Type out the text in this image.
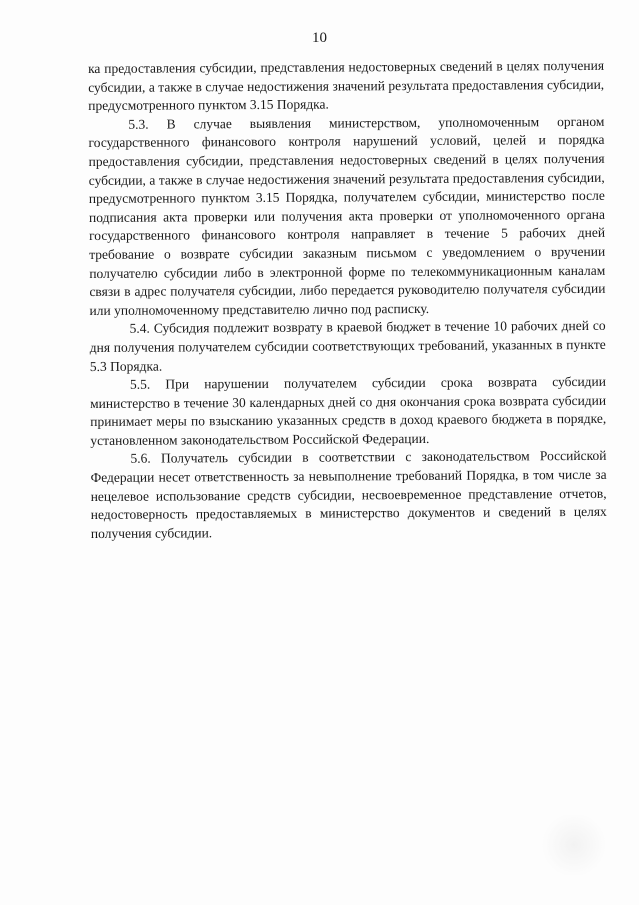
10

ка предоставления субсидии, представления недостоверных сведений в целях получения субсидии, а также в случае недостижения значений результата предоставления субсидии, предусмотренного пунктом 3.15 Порядка.

5.3. В случае выявления министерством, уполномоченным органом государственного финансового контроля нарушений условий, целей и порядка предоставления субсидии, представления недостоверных сведений в целях получения субсидии, а также в случае недостижения значений результата предоставления субсидии, предусмотренного пунктом 3.15 Порядка, получателем субсидии, министерство после подписания акта проверки или получения акта проверки от уполномоченного органа государственного финансового контроля направляет в течение 5 рабочих дней требование о возврате субсидии заказным письмом с уведомлением о вручении получателю субсидии либо в электронной форме по телекоммуникационным каналам связи в адрес получателя субсидии, либо передается руководителю получателя субсидии или уполномоченному представителю лично под расписку.

5.4. Субсидия подлежит возврату в краевой бюджет в течение 10 рабочих дней со дня получения получателем субсидии соответствующих требований, указанных в пункте 5.3 Порядка.

5.5. При нарушении получателем субсидии срока возврата субсидии министерство в течение 30 календарных дней со дня окончания срока возврата субсидии принимает меры по взысканию указанных средств в доход краевого бюджета в порядке, установленном законодательством Российской Федерации.

5.6. Получатель субсидии в соответствии с законодательством Российской Федерации несет ответственность за невыполнение требований Порядка, в том числе за нецелевое использование средств субсидии, несвоевременное представление отчетов, недостоверность предоставляемых в министерство документов и сведений в целях получения субсидии.
